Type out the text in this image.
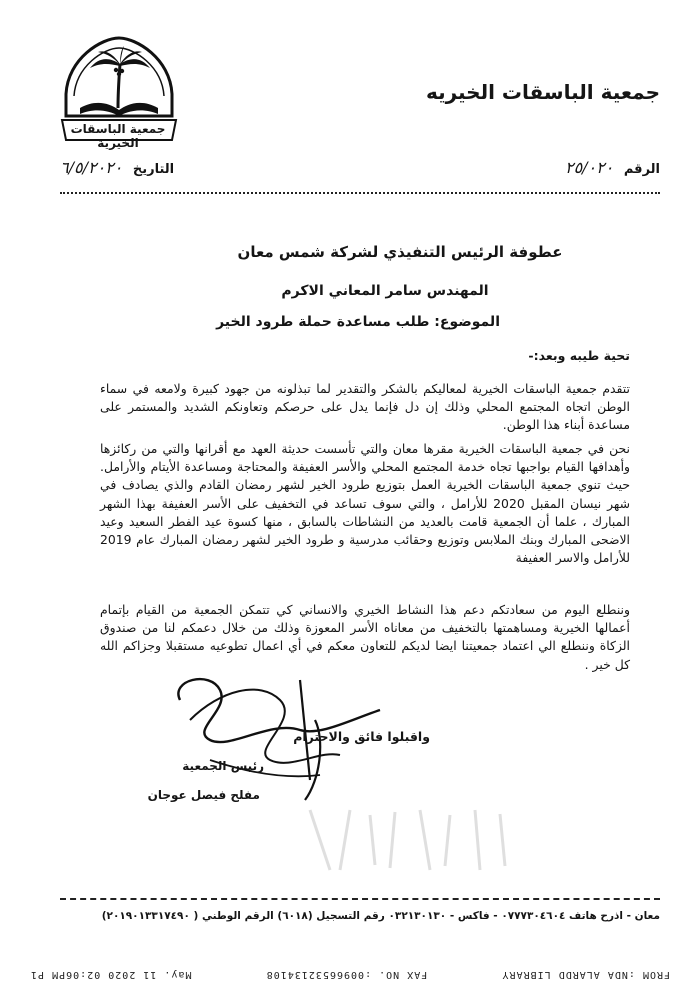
جمعية الباسقات الخيرية
جمعية الباسقات الخيريه
الرقم ٢٥/٠٢٠
التاريخ ٦/٥/٢٠٢٠
عطوفة الرئيس التنفيذي لشركة شمس معان
المهندس سامر المعاني الاكرم
الموضوع: طلب مساعدة حملة طرود الخير
تحية طيبه وبعد:-
تتقدم جمعية الباسقات الخيرية لمعاليكم بالشكر والتقدير لما تبذلونه من جهود كبيرة ولامعه في سماء الوطن اتجاه المجتمع المحلي وذلك إن دل فإنما يدل على حرصكم وتعاونكم الشديد والمستمر على مساعدة أبناء هذا الوطن.
نحن في جمعية الباسقات الخيرية مقرها معان والتي تأسست حديثة العهد مع أقرانها والتي من ركائزها وأهدافها القيام بواجبها تجاه خدمة المجتمع المحلي والأسر العفيفة والمحتاجة ومساعدة الأيتام والأرامل. حيث تنوي جمعية الباسقات الخيرية العمل بتوزيع طرود الخير لشهر رمضان القادم والذي يصادف في شهر نيسان المقبل 2020 للأرامل ، والتي سوف تساعد في التخفيف على الأسر العفيفة بهذا الشهر المبارك ، علما أن الجمعية قامت بالعديد من النشاطات بالسابق ، منها كسوة عيد الفطر السعيد وعيد الاضحى المبارك وبنك الملابس وتوزيع وحقائب مدرسية و طرود الخير لشهر رمضان المبارك عام 2019 للأرامل والاسر العفيفة
وننطلع اليوم من سعادتكم دعم هذا النشاط الخيري والانساني كي تتمكن الجمعية من القيام بإتمام أعمالها الخيرية ومساهمتها بالتخفيف من معاناه الأسر المعوزة وذلك من خلال دعمكم لنا من صندوق الزكاة وننطلع الي اعتماد جمعيتنا ايضا لديكم للتعاون معكم في أي اعمال تطوعيه مستقبلا وجزاكم الله كل خير .
واقبلوا فائق والاحترام
رئيس الجمعية
مفلح فيصل عوجان
معان - اذرح هاتف ٠٧٧٧٣٠٤٦٠٤ - فاكس - ٠٣٢١٣٠١٣٠ رقم التسجيل (٦٠١٨) الرقم الوطني ( ٢٠١٩٠١٣٣١٧٤٩٠)
FROM :NDA ALARDD LIBRARY
FAX NO. :00966532134108
May. 11 2020 02:06PM P1
